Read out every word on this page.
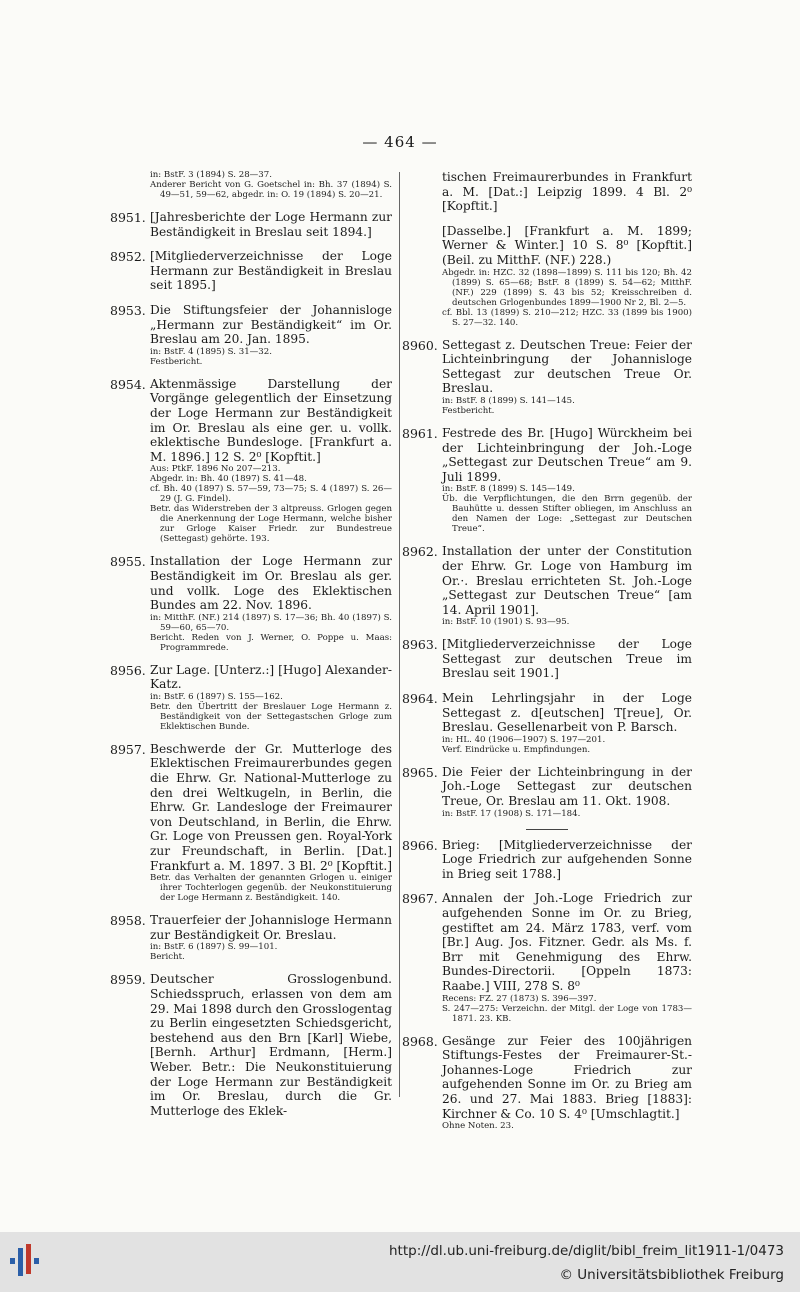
— 464 —
in: BstF. 3 (1894) S. 28—37.
Anderer Bericht von G. Goetschel in: Bh. 37 (1894) S. 49—51, 59—62, abgedr. in: O. 19 (1894) S. 20—21.
8951. [Jahresberichte der Loge Hermann zur Beständigkeit in Breslau seit 1894.]
8952. [Mitgliederverzeichnisse der Loge Hermann zur Beständigkeit in Breslau seit 1895.]
8953. Die Stiftungsfeier der Johannisloge „Hermann zur Beständigkeit“ im Or. Breslau am 20. Jan. 1895.
in: BstF. 4 (1895) S. 31—32.
Festbericht.
8954. Aktenmässige Darstellung der Vorgänge gelegentlich der Einsetzung der Loge Hermann zur Beständigkeit im Or. Breslau als eine ger. u. vollk. eklektische Bundesloge. [Frankfurt a. M. 1896.] 12 S. 2⁰ [Kopftit.]
Aus: PtkF. 1896 No 207—213.
Abgedr. in: Bh. 40 (1897) S. 41—48.
cf. Bh. 40 (1897) S. 57—59, 73—75; S. 4 (1897) S. 26—29 (J. G. Findel).
Betr. das Widerstreben der 3 altpreuss. Grlogen gegen die Anerkennung der Loge Hermann, welche bisher zur Grloge Kaiser Friedr. zur Bundestreue (Settegast) gehörte. 193.
8955. Installation der Loge Hermann zur Beständigkeit im Or. Breslau als ger. und vollk. Loge des Eklektischen Bundes am 22. Nov. 1896.
in: MitthF. (NF.) 214 (1897) S. 17—36; Bh. 40 (1897) S. 59—60, 65—70.
Bericht. Reden von J. Werner, O. Poppe u. Maas: Programmrede.
8956. Zur Lage. [Unterz.:] [Hugo] Alexander-Katz.
in: BstF. 6 (1897) S. 155—162.
Betr. den Übertritt der Breslauer Loge Hermann z. Beständigkeit von der Settegastschen Grloge zum Eklektischen Bunde.
8957. Beschwerde der Gr. Mutterloge des Eklektischen Freimaurerbundes gegen die Ehrw. Gr. National-Mutterloge zu den drei Weltkugeln, in Berlin, die Ehrw. Gr. Landesloge der Freimaurer von Deutschland, in Berlin, die Ehrw. Gr. Loge von Preussen gen. Royal-York zur Freundschaft, in Berlin. [Dat.] Frankfurt a. M. 1897. 3 Bl. 2⁰ [Kopftit.]
Betr. das Verhalten der genannten Grlogen u. einiger ihrer Tochterlogen gegenüb. der Neukonstituierung der Loge Hermann z. Beständigkeit. 140.
8958. Trauerfeier der Johannisloge Hermann zur Beständigkeit Or. Breslau.
in: BstF. 6 (1897) S. 99—101.
Bericht.
8959. Deutscher Grosslogenbund. Schiedsspruch, erlassen von dem am 29. Mai 1898 durch den Grosslogentag zu Berlin eingesetzten Schiedsgericht, bestehend aus den Brn [Karl] Wiebe, [Bernh. Arthur] Erdmann, [Herm.] Weber. Betr.: Die Neukonstituierung der Loge Hermann zur Beständigkeit im Or. Breslau, durch die Gr. Mutterloge des Eklek-
tischen Freimaurerbundes in Frankfurt a. M. [Dat.:] Leipzig 1899. 4 Bl. 2⁰ [Kopftit.]
[Dasselbe.] [Frankfurt a. M. 1899; Werner & Winter.] 10 S. 8⁰ [Kopftit.] (Beil. zu MitthF. (NF.) 228.)
Abgedr. in: HZC. 32 (1898—1899) S. 111 bis 120; Bh. 42 (1899) S. 65—68; BstF. 8 (1899) S. 54—62; MitthF. (NF.) 229 (1899) S. 43 bis 52; Kreisschreiben d. deutschen Grlogenbundes 1899—1900 Nr 2, Bl. 2—5.
cf. Bbl. 13 (1899) S. 210—212; HZC. 33 (1899 bis 1900) S. 27—32. 140.
8960. Settegast z. Deutschen Treue: Feier der Lichteinbringung der Johannisloge Settegast zur deutschen Treue Or. Breslau.
in: BstF. 8 (1899) S. 141—145.
Festbericht.
8961. Festrede des Br. [Hugo] Würckheim bei der Lichteinbringung der Joh.-Loge „Settegast zur Deutschen Treue“ am 9. Juli 1899.
in: BstF. 8 (1899) S. 145—149.
Üb. die Verpflichtungen, die den Brrn gegenüb. der Bauhütte u. dessen Stifter obliegen, im Anschluss an den Namen der Loge: „Settegast zur Deutschen Treue“.
8962. Installation der unter der Constitution der Ehrw. Gr. Loge von Hamburg im Or.·. Breslau errichteten St. Joh.-Loge „Settegast zur Deutschen Treue“ [am 14. April 1901].
in: BstF. 10 (1901) S. 93—95.
8963. [Mitgliederverzeichnisse der Loge Settegast zur deutschen Treue im Breslau seit 1901.]
8964. Mein Lehrlingsjahr in der Loge Settegast z. d[eutschen] T[reue], Or. Breslau. Gesellenarbeit von P. Barsch.
in: HL. 40 (1906—1907) S. 197—201.
Verf. Eindrücke u. Empfindungen.
8965. Die Feier der Lichteinbringung in der Joh.-Loge Settegast zur deutschen Treue, Or. Breslau am 11. Okt. 1908.
in: BstF. 17 (1908) S. 171—184.
8966. Brieg: [Mitgliederverzeichnisse der Loge Friedrich zur aufgehenden Sonne in Brieg seit 1788.]
8967. Annalen der Joh.-Loge Friedrich zur aufgehenden Sonne im Or. zu Brieg, gestiftet am 24. März 1783, verf. vom [Br.] Aug. Jos. Fitzner. Gedr. als Ms. f. Brr mit Genehmigung des Ehrw. Bundes-Directorii. [Oppeln 1873: Raabe.] VIII, 278 S. 8⁰
Recens: FZ. 27 (1873) S. 396—397.
S. 247—275: Verzeichn. der Mitgl. der Loge von 1783—1871. 23. KB.
8968. Gesänge zur Feier des 100jährigen Stiftungs-Festes der Freimaurer-St.-Johannes-Loge Friedrich zur aufgehenden Sonne im Or. zu Brieg am 26. und 27. Mai 1883. Brieg [1883]: Kirchner & Co. 10 S. 4⁰ [Umschlagtit.]
Ohne Noten. 23.
http://dl.ub.uni-freiburg.de/diglit/bibl_freim_lit1911-1/0473
© Universitätsbibliothek Freiburg
